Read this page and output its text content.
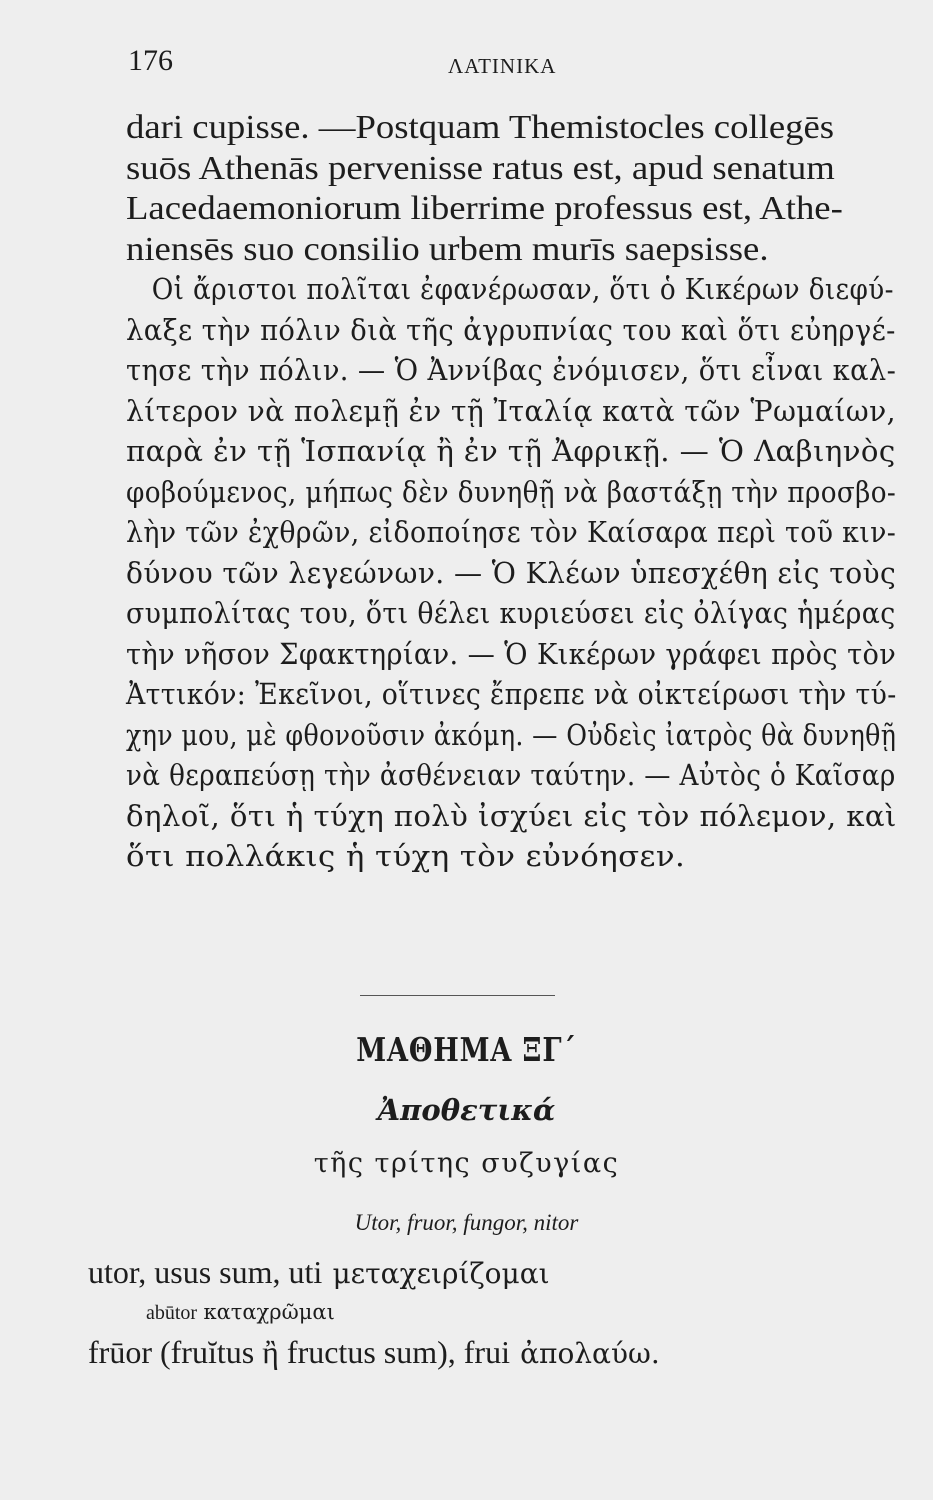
176	ΛΑΤΙΝΙΚΑ
dari cupisse. —Postquam Themistocles collegēs
suōs Athenās pervenisse ratus est, apud senatum
Lacedaemoniorum liberrime professus est, Athe-
niensēs suo consilio urbem murīs saepsisse.
Οἱ ἄριστοι πολῖται ἐφανέρωσαν, ὅτι ὁ Κικέρων διεφύ-
λαξε τὴν πόλιν διὰ τῆς ἀγρυπνίας του καὶ ὅτι εὐηργέ-
τησε τὴν πόλιν. — Ὁ Ἀννίβας ἐνόμισεν, ὅτι εἶναι καλ-
λίτερον νὰ πολεμῇ ἐν τῇ Ἰταλίᾳ κατὰ τῶν Ῥωμαίων,
παρὰ ἐν τῇ Ἱσπανίᾳ ἢ ἐν τῇ Ἀφρικῇ. — Ὁ Λαβιηνὸς
φοβούμενος, μήπως δὲν δυνηθῇ νὰ βαστάξῃ τὴν προσβο-
λὴν τῶν ἐχθρῶν, εἰδοποίησε τὸν Καίσαρα περὶ τοῦ κιν-
δύνου τῶν λεγεώνων. — Ὁ Κλέων ὑπεσχέθη εἰς τοὺς
συμπολίτας του, ὅτι θέλει κυριεύσει εἰς ὀλίγας ἡμέρας
τὴν νῆσον Σφακτηρίαν. — Ὁ Κικέρων γράφει πρὸς τὸν
Ἀττικόν: Ἐκεῖνοι, οἵτινες ἔπρεπε νὰ οἰκτείρωσι τὴν τύ-
χην μου, μὲ φθονοῦσιν ἀκόμη. — Οὐδεὶς ἰατρὸς θὰ δυνηθῇ
νὰ θεραπεύσῃ τὴν ἀσθένειαν ταύτην. — Αὐτὸς ὁ Καῖσαρ
δηλοῖ, ὅτι ἡ τύχη πολὺ ἰσχύει εἰς τὸν πόλεμον, καὶ
ὅτι πολλάκις ἡ τύχη τὸν εὐνόησεν.
ΜΑΘΗΜΑ ΞΓ΄
Ἀποθετικά
τῆς τρίτης συζυγίας
Utor, fruor, fungor, nitor
utor, usus sum, uti μεταχειρίζομαι
abūtor καταχρῶμαι
frūor (fruĭtus ἢ fructus sum), frui ἀπολαύω.
